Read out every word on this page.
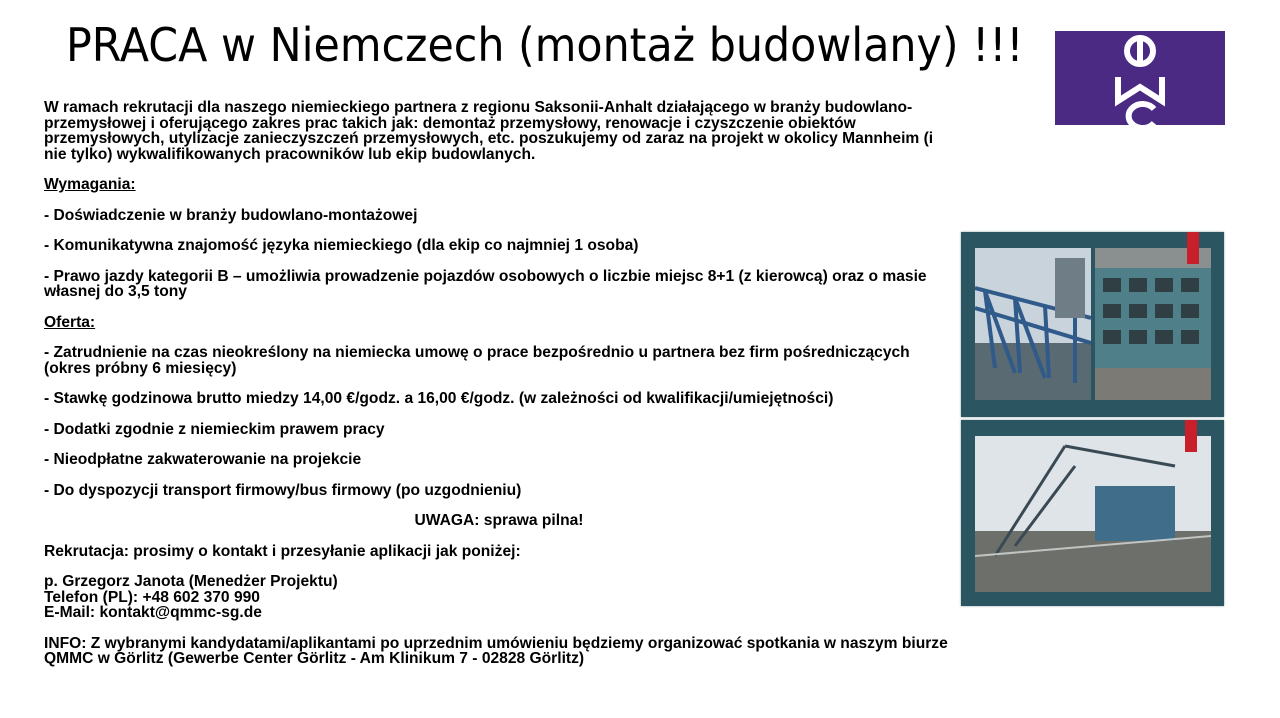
PRACA w Niemczech (montaż budowlany) !!!

W ramach rekrutacji dla naszego niemieckiego partnera z regionu Saksonii-Anhalt działającego w branży budowlano-przemysłowej i oferującego zakres prac takich jak: demontaż przemysłowy, renowacje i czyszczenie obiektów przemysłowych, utylizacje zanieczyszczeń przemysłowych, etc. poszukujemy od zaraz na projekt w okolicy Mannheim (i nie tylko) wykwalifikowanych pracowników lub ekip budowlanych.

Wymagania:

- Doświadczenie w branży budowlano-montażowej

- Komunikatywna znajomość języka niemieckiego (dla ekip co najmniej 1 osoba)

- Prawo jazdy kategorii B – umożliwia prowadzenie pojazdów osobowych o liczbie miejsc 8+1 (z kierowcą) oraz o masie własnej do 3,5 tony

Oferta:

- Zatrudnienie na czas nieokreślony na niemiecka umowę o prace bezpośrednio u partnera bez firm pośredniczących (okres próbny 6 miesięcy)

- Stawkę godzinowa brutto miedzy 14,00 €/godz. a 16,00 €/godz. (w zależności od kwalifikacji/umiejętności)

- Dodatki zgodnie z niemieckim prawem pracy

- Nieodpłatne zakwaterowanie na projekcie

- Do dyspozycji transport firmowy/bus firmowy (po uzgodnieniu)

UWAGA: sprawa pilna!

Rekrutacja: prosimy o kontakt i przesyłanie aplikacji jak poniżej:

p. Grzegorz Janota (Menedżer Projektu)
Telefon (PL): +48 602 370 990
E-Mail: kontakt@qmmc-sg.de

INFO: Z wybranymi kandydatami/aplikantami po uprzednim umówieniu będziemy organizować spotkania w naszym biurze QMMC w Görlitz (Gewerbe Center Görlitz - Am Klinikum 7 - 02828 Görlitz)
